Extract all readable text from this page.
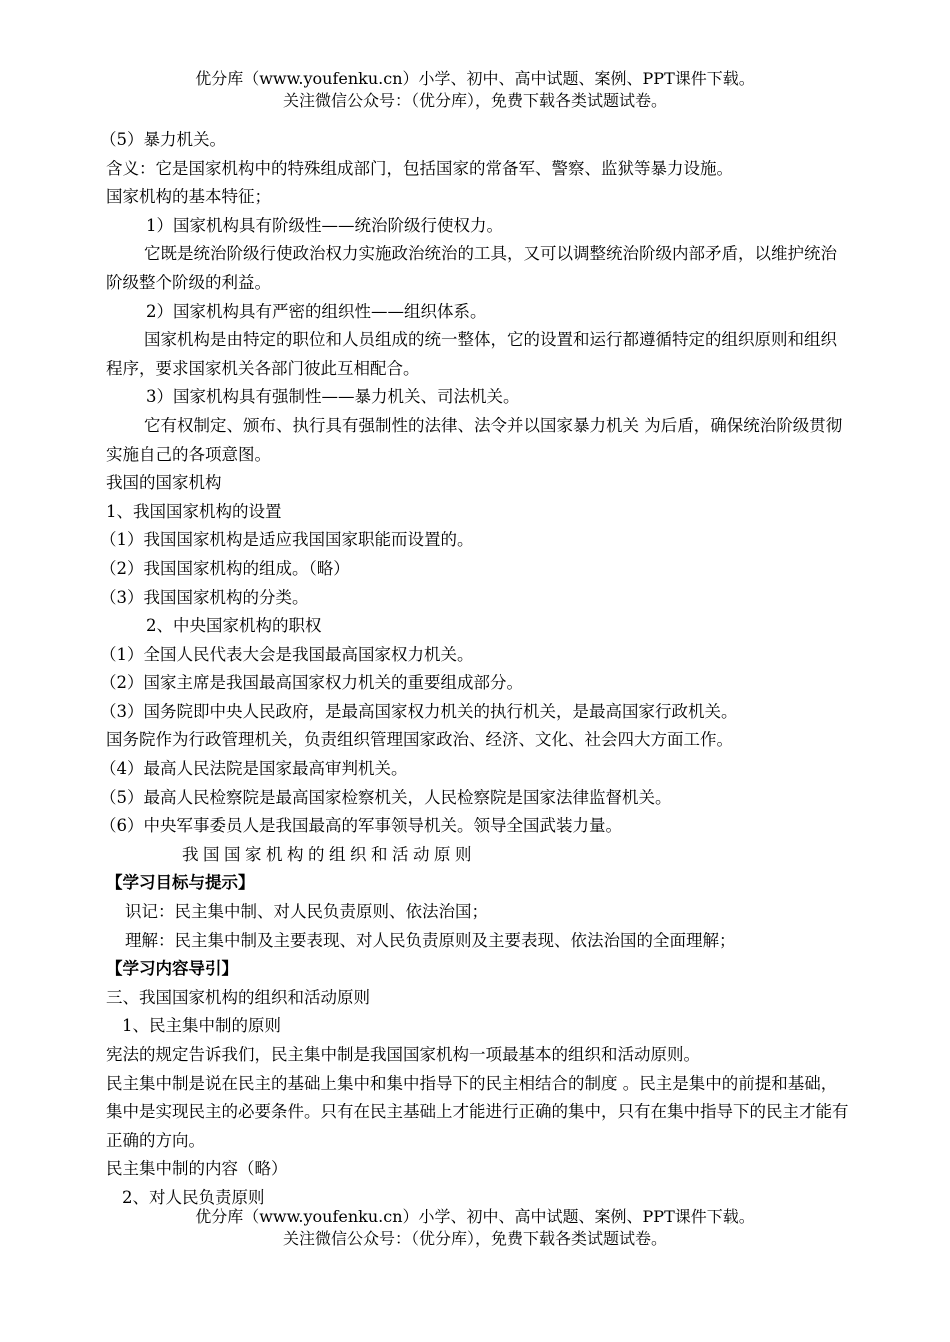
优分库（www.youfenku.cn）小学、初中、高中试题、案例、PPT课件下载。
关注微信公众号：（优分库），免费下载各类试题试卷。

（5）暴力机关。

含义：它是国家机构中的特殊组成部门，包括国家的常备军、警察、监狱等暴力设施。

国家机构的基本特征；

1）国家机构具有阶级性——统治阶级行使权力。

它既是统治阶级行使政治权力实施政治统治的工具，又可以调整统治阶级内部矛盾，以维护统治阶级整个阶级的利益。

2）国家机构具有严密的组织性——组织体系。

国家机构是由特定的职位和人员组成的统一整体，它的设置和运行都遵循特定的组织原则和组织程序，要求国家机关各部门彼此互相配合。

3）国家机构具有强制性——暴力机关、司法机关。

它有权制定、颁布、执行具有强制性的法律、法令并以国家暴力机关 为后盾，确保统治阶级贯彻实施自己的各项意图。

我国的国家机构

1、我国国家机构的设置

（1）我国国家机构是适应我国国家职能而设置的。

（2）我国国家机构的组成。（略）

（3）我国国家机构的分类。

2、中央国家机构的职权

（1）全国人民代表大会是我国最高国家权力机关。

（2）国家主席是我国最高国家权力机关的重要组成部分。

（3）国务院即中央人民政府，是最高国家权力机关的执行机关，是最高国家行政机关。

国务院作为行政管理机关，负责组织管理国家政治、经济、文化、社会四大方面工作。

（4）最高人民法院是国家最高审判机关。

（5）最高人民检察院是最高国家检察机关，人民检察院是国家法律监督机关。

（6）中央军事委员人是我国最高的军事领导机关。领导全国武装力量。

我国国家机构的组织和活动原则

【学习目标与提示】

识记：民主集中制、对人民负责原则、依法治国；

理解：民主集中制及主要表现、对人民负责原则及主要表现、依法治国的全面理解；

【学习内容导引】

三、我国国家机构的组织和活动原则

1、民主集中制的原则

宪法的规定告诉我们，民主集中制是我国国家机构一项最基本的组织和活动原则。

民主集中制是说在民主的基础上集中和集中指导下的民主相结合的制度 。民主是集中的前提和基础，集中是实现民主的必要条件。只有在民主基础上才能进行正确的集中，只有在集中指导下的民主才能有正确的方向。

民主集中制的内容（略）

2、对人民负责原则

优分库（www.youfenku.cn）小学、初中、高中试题、案例、PPT课件下载。
关注微信公众号：（优分库），免费下载各类试题试卷。
